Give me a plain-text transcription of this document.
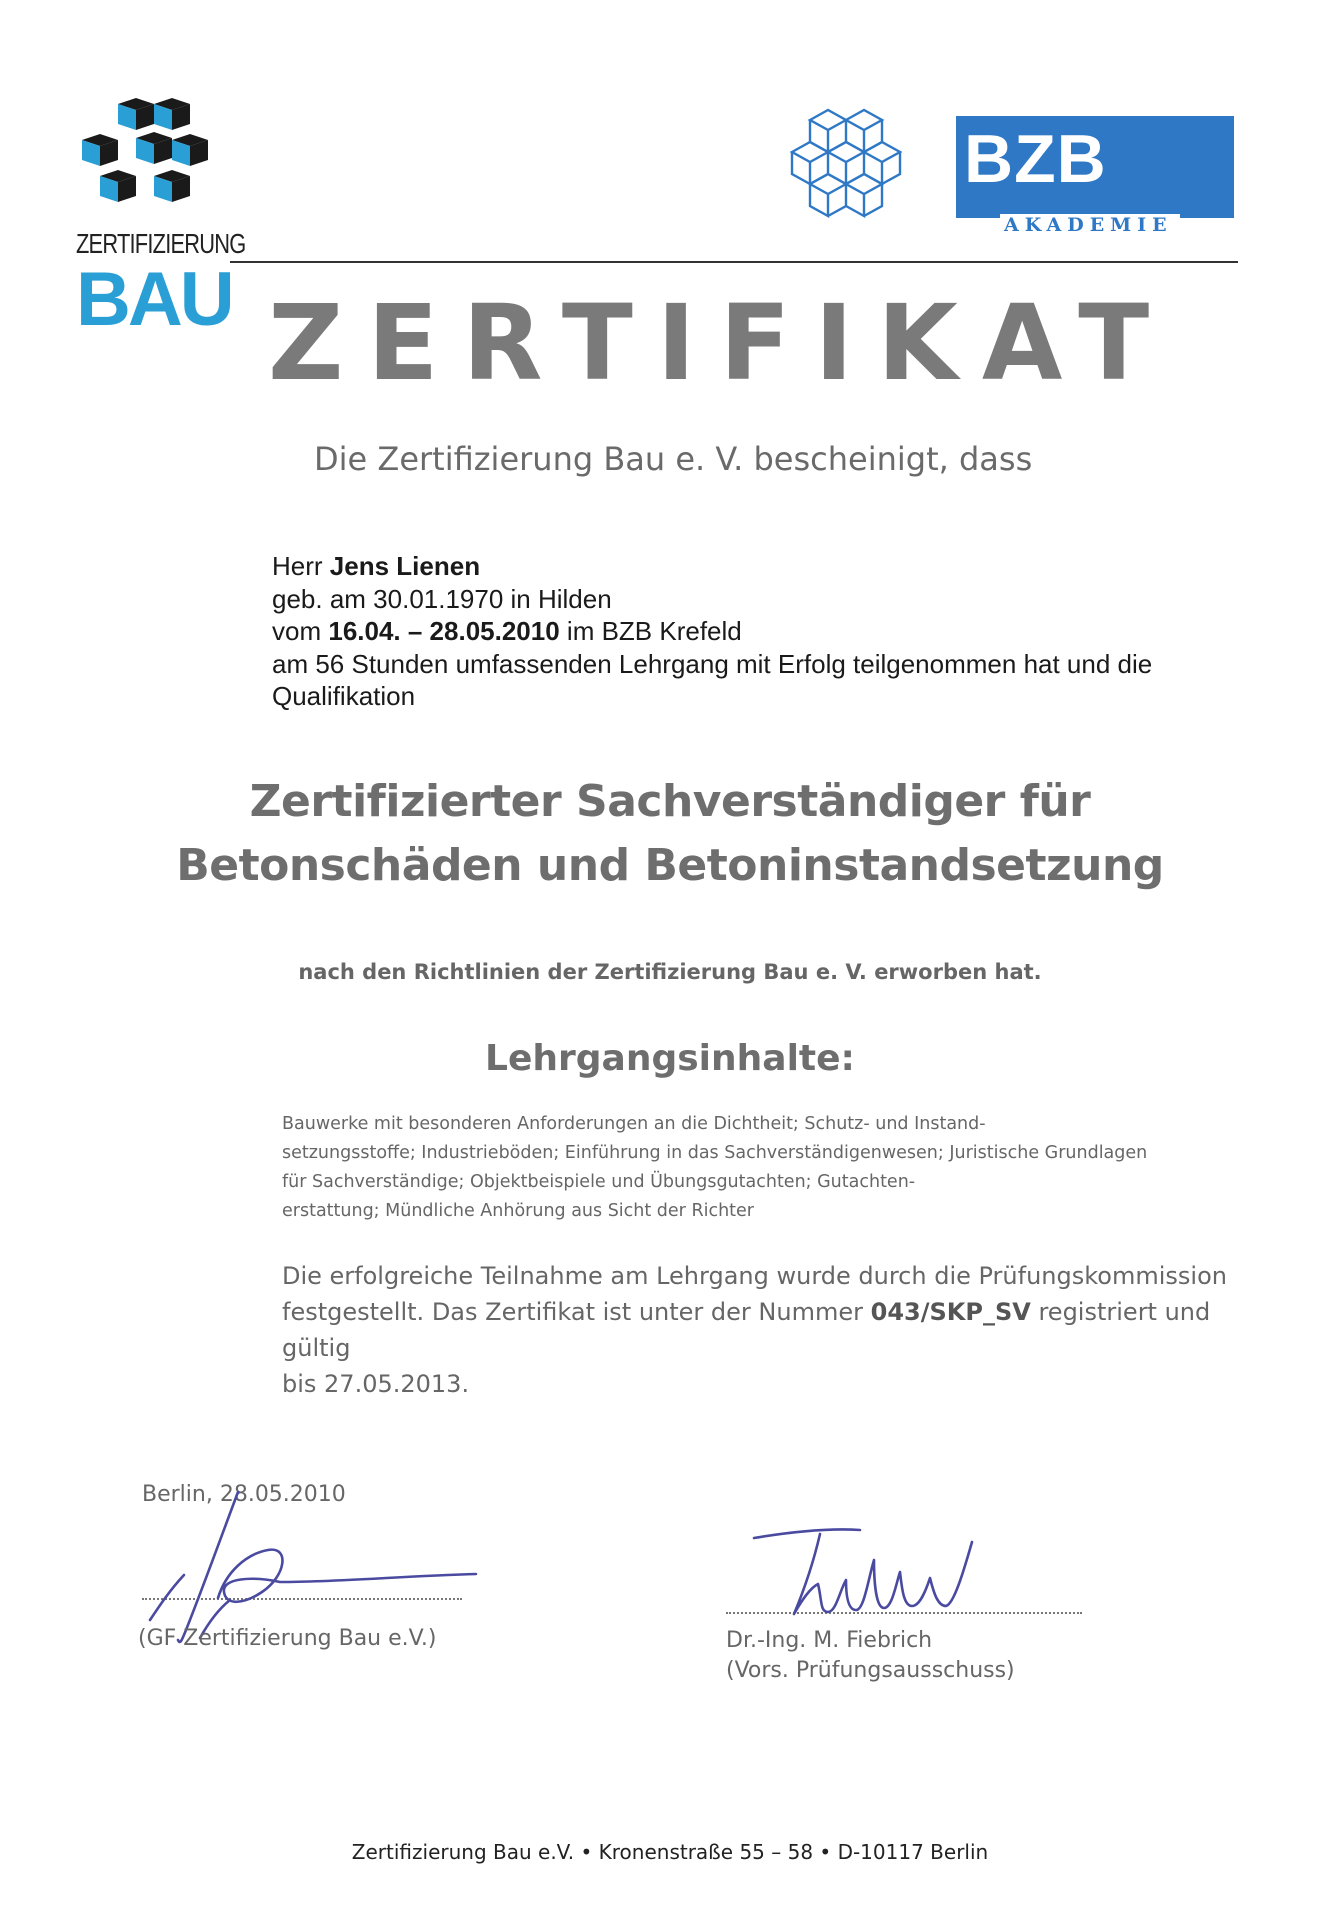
ZERTIFIZIERUNG
BAU
BZB
AKADEMIE
ZERTIFIKAT
Die Zertifizierung Bau e. V. bescheinigt, dass
Herr Jens Lienen
geb. am 30.01.1970 in Hilden
vom 16.04. – 28.05.2010 im BZB Krefeld
am 56 Stunden umfassenden Lehrgang mit Erfolg teilgenommen hat und die
Qualifikation
Zertifizierter Sachverständiger für
Betonschäden und Betoninstandsetzung
nach den Richtlinien der Zertifizierung Bau e. V. erworben hat.
Lehrgangsinhalte:
Bauwerke mit besonderen Anforderungen an die Dichtheit; Schutz- und Instand-
setzungsstoffe; Industrieböden; Einführung in das Sachverständigenwesen; Juristische Grundlagen
für Sachverständige; Objektbeispiele und Übungsgutachten; Gutachten-
erstattung; Mündliche Anhörung aus Sicht der Richter
Die erfolgreiche Teilnahme am Lehrgang wurde durch die Prüfungskommission
festgestellt. Das Zertifikat ist unter der Nummer 043/SKP_SV registriert und gültig
bis 27.05.2013.
Berlin, 28.05.2010
(GF Zertifizierung Bau e.V.)	Dr.-Ing. M. Fiebrich
(Vors. Prüfungsausschuss)
Zertifizierung Bau e.V. • Kronenstraße 55 – 58 • D-10117 Berlin
